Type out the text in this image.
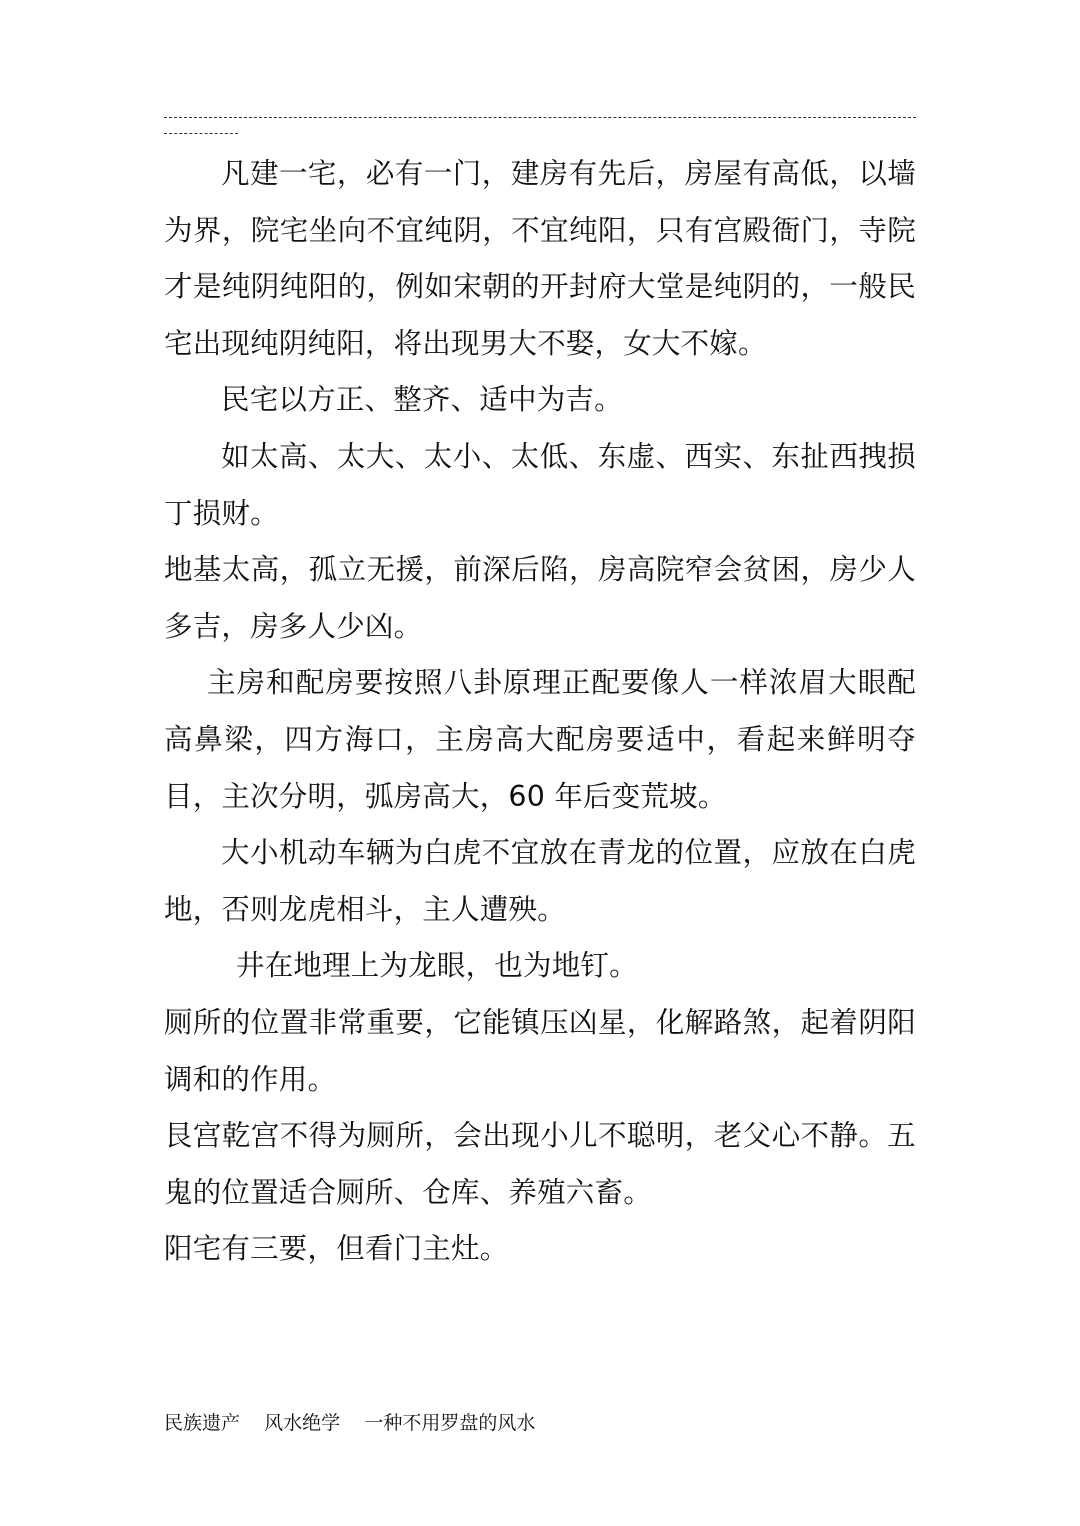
凡建一宅，必有一门，建房有先后，房屋有高低，以墙为界，院宅坐向不宜纯阴，不宜纯阳，只有宫殿衙门，寺院才是纯阴纯阳的，例如宋朝的开封府大堂是纯阴的，一般民宅出现纯阴纯阳，将出现男大不娶，女大不嫁。

民宅以方正、整齐、适中为吉。

如太高、太大、太小、太低、东虚、西实、东扯西拽损丁损财。

地基太高，孤立无援，前深后陷，房高院窄会贫困，房少人多吉，房多人少凶。

主房和配房要按照八卦原理正配要像人一样浓眉大眼配高鼻梁，四方海口，主房高大配房要适中，看起来鲜明夺目，主次分明，弧房高大，60 年后变荒坡。

大小机动车辆为白虎不宜放在青龙的位置，应放在白虎地，否则龙虎相斗，主人遭殃。

井在地理上为龙眼，也为地钉。

厕所的位置非常重要，它能镇压凶星，化解路煞，起着阴阳调和的作用。

艮宫乾宫不得为厕所，会出现小儿不聪明，老父心不静。五鬼的位置适合厕所、仓库、养殖六畜。

阳宅有三要，但看门主灶。

民族遗产    风水绝学    一种不用罗盘的风水
